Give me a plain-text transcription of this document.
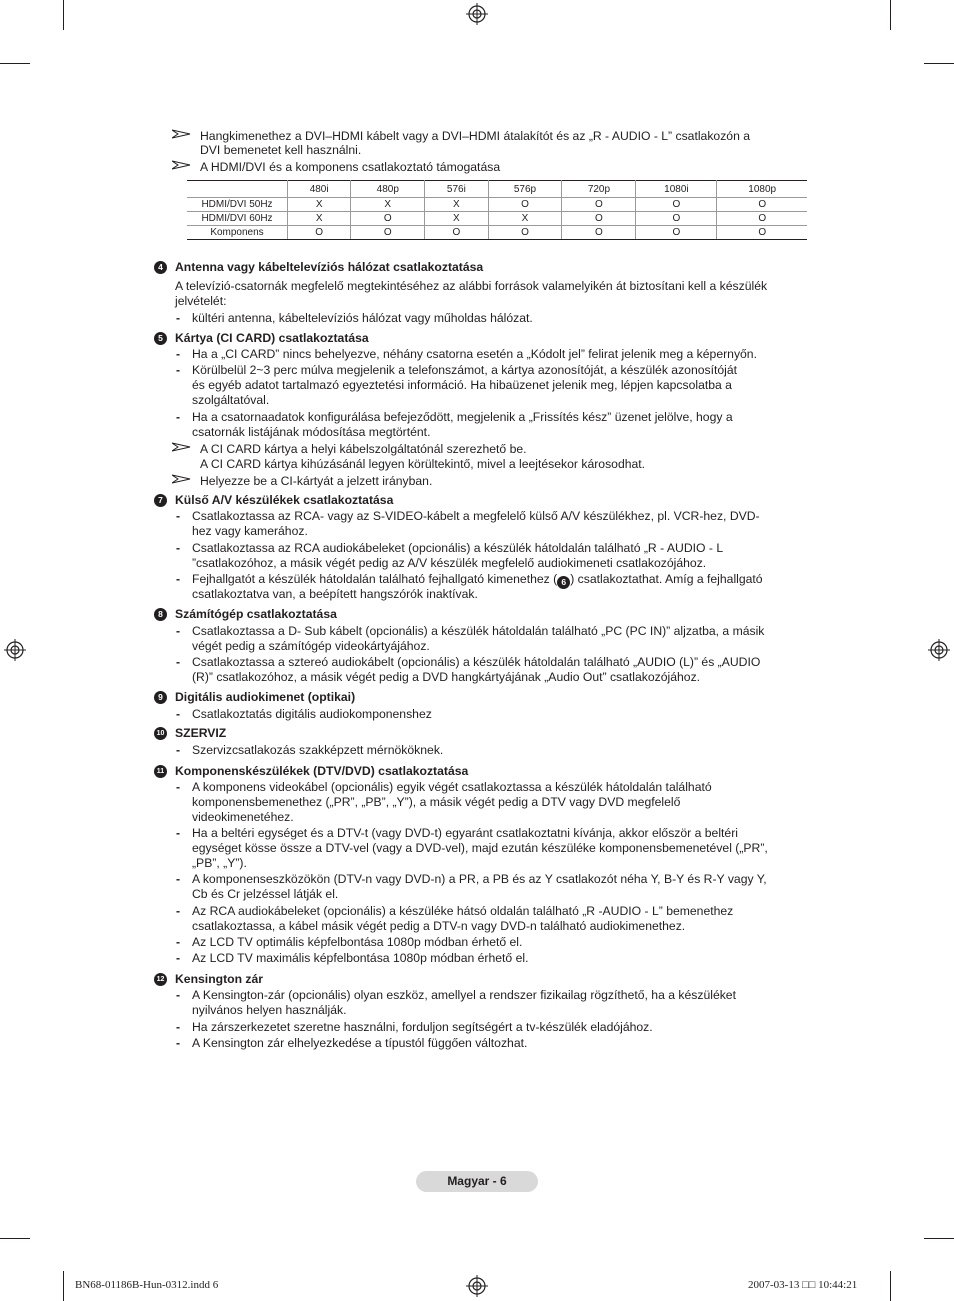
Hangkimenethez a DVI–HDMI kábelt vagy a DVI–HDMI átalakítót és az „R - AUDIO - L” csatlakozón a
DVI bemenetet kell használni.
A HDMI/DVI és a komponens csatlakoztató támogatása
	480i	480p	576i	576p	720p	1080i	1080p
HDMI/DVI 50Hz	X	X	X	O	O	O	O
HDMI/DVI 60Hz	X	O	X	X	O	O	O
Komponens	O	O	O	O	O	O	O
4 Antenna vagy kábeltelevíziós hálózat csatlakoztatása
A televízió-csatornák megfelelő megtekintéséhez az alábbi források valamelyikén át biztosítani kell a készülék
jelvételét:
- kültéri antenna, kábeltelevíziós hálózat vagy műholdas hálózat.
5 Kártya (CI CARD) csatlakoztatása
- Ha a „CI CARD” nincs behelyezve, néhány csatorna esetén a „Kódolt jel” felirat jelenik meg a képernyőn.
- Körülbelül 2~3 perc múlva megjelenik a telefonszámot, a kártya azonosítóját, a készülék azonosítóját
és egyéb adatot tartalmazó egyeztetési információ. Ha hibaüzenet jelenik meg, lépjen kapcsolatba a
szolgáltatóval.
- Ha a csatornaadatok konfigurálása befejeződött, megjelenik a „Frissítés kész” üzenet jelölve, hogy a
csatornák listájának módosítása megtörtént.
A CI CARD kártya a helyi kábelszolgáltatónál szerezhető be.
A CI CARD kártya kihúzásánál legyen körültekintő, mivel a leejtésekor károsodhat.
Helyezze be a CI-kártyát a jelzett irányban.
7 Külső A/V készülékek csatlakoztatása
- Csatlakoztassa az RCA- vagy az S-VIDEO-kábelt a megfelelő külső A/V készülékhez, pl. VCR-hez, DVD-
hez vagy kamerához.
- Csatlakoztassa az RCA audiokábeleket (opcionális) a készülék hátoldalán található „R - AUDIO - L
”csatlakozóhoz, a másik végét pedig az A/V készülék megfelelő audiokimeneti csatlakozójához.
- Fejhallgatót a készülék hátoldalán található fejhallgató kimenethez ( 6 ) csatlakoztathat. Amíg a fejhallgató
csatlakoztatva van, a beépített hangszórók inaktívak.
8 Számítógép csatlakoztatása
- Csatlakoztassa a D- Sub kábelt (opcionális) a készülék hátoldalán található „PC (PC IN)” aljzatba, a másik
végét pedig a számítógép videokártyájához.
- Csatlakoztassa a sztereó audiokábelt (opcionális) a készülék hátoldalán található „AUDIO (L)” és „AUDIO
(R)” csatlakozóhoz, a másik végét pedig a DVD hangkártyájának „Audio Out” csatlakozójához.
9 Digitális audiokimenet (optikai)
- Csatlakoztatás digitális audiokomponenshez
10 SZERVIZ
- Szervizcsatlakozás szakképzett mérnököknek.
11 Komponenskészülékek (DTV/DVD) csatlakoztatása
- A komponens videokábel (opcionális) egyik végét csatlakoztassa a készülék hátoldalán található
komponensbemenethez („PR”, „PB”, „Y”), a másik végét pedig a DTV vagy DVD megfelelő
videokimenetéhez.
- Ha a beltéri egységet és a DTV-t (vagy DVD-t) egyaránt csatlakoztatni kívánja, akkor először a beltéri
egységet kösse össze a DTV-vel (vagy a DVD-vel), majd ezután készüléke komponensbemenetével („PR”,
„PB”, „Y”).
- A komponenseszközökön (DTV-n vagy DVD-n) a PR, a PB és az Y csatlakozót néha Y, B-Y és R-Y vagy Y,
Cb és Cr jelzéssel látják el.
- Az RCA audiokábeleket (opcionális) a készüléke hátsó oldalán található „R -AUDIO - L” bemenethez
csatlakoztassa, a kábel másik végét pedig a DTV-n vagy DVD-n található audiokimenethez.
- Az LCD TV optimális képfelbontása 1080p módban érhető el.
- Az LCD TV maximális képfelbontása 1080p módban érhető el.
12 Kensington zár
- A Kensington-zár (opcionális) olyan eszköz, amellyel a rendszer fizikailag rögzíthető, ha a készüléket
nyilvános helyen használják.
- Ha zárszerkezetet szeretne használni, forduljon segítségért a tv-készülék eladójához.
- A Kensington zár elhelyezkedése a típustól függően változhat.
Magyar - 6
BN68-01186B-Hun-0312.indd 6	2007-03-13 □□ 10:44:21
